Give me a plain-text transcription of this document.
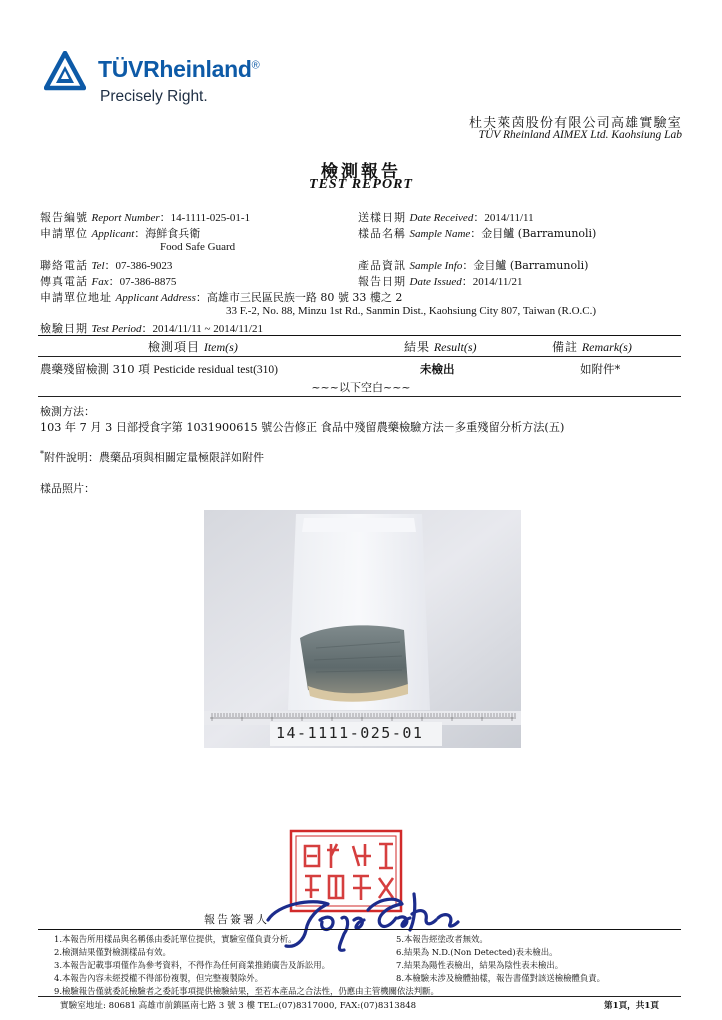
TÜVRheinland®
Precisely Right.
杜夫萊茵股份有限公司高雄實驗室
TÜV Rheinland AIMEX Ltd. Kaohsiung Lab
檢測報告
TEST REPORT
報告編號 Report Number：14-1111-025-01-1
申請單位 Applicant：海鮮食兵衛
Food Safe Guard
聯絡電話 Tel：07-386-9023
傳真電話 Fax：07-386-8875
申請單位地址 Applicant Address：高雄市三民區民族一路 80 號 33 樓之 2
33 F.-2, No. 88, Minzu 1st Rd., Sanmin Dist., Kaohsiung City 807, Taiwan (R.O.C.)
檢驗日期 Test Period：2014/11/11 ~ 2014/11/21
送樣日期 Date Received：2014/11/11
樣品名稱 Sample Name：金目鱸 (Barramunoli)
產品資訊 Sample Info：金目鱸 (Barramunoli)
報告日期 Date Issued：2014/11/21
檢測項目 Item(s)	結果 Result(s)	備註 Remark(s)
農藥殘留檢測 310 項 Pesticide residual test(310)	未檢出	如附件*
~~~以下空白~~~
檢測方法：
103 年 7 月 3 日部授食字第 1031900615 號公告修正 食品中殘留農藥檢驗方法－多重殘留分析方法(五)
*附件說明：農藥品項與相關定量極限詳如附件
樣品照片：
14-1111-025-01
報告簽署人
1.本報告所用樣品與名稱係由委託單位提供，實驗室僅負責分析。
2.檢測結果僅對檢測樣品有效。
3.本報告記載事項僅作為參考資料，不得作為任何商業推銷廣告及訴訟用。
4.本報告內容未經授權不得部份複製，但完整複製除外。
5.本報告經塗改者無效。
6.結果為 N.D.(Non Detected)表未檢出。
7.結果為陽性表檢出，結果為陰性表未檢出。
8.本檢驗未涉及檢體抽樣，報告書僅對該送檢檢體負責。
9.檢驗報告僅就委託檢驗者之委託事項提供檢驗結果，至若本產品之合法性，仍應由主管機關依法判斷。
實驗室地址: 80681 高雄市前鎮區南七路 3 號 3 樓 TEL:(07)8317000, FAX:(07)8313848	第1頁，共1頁
